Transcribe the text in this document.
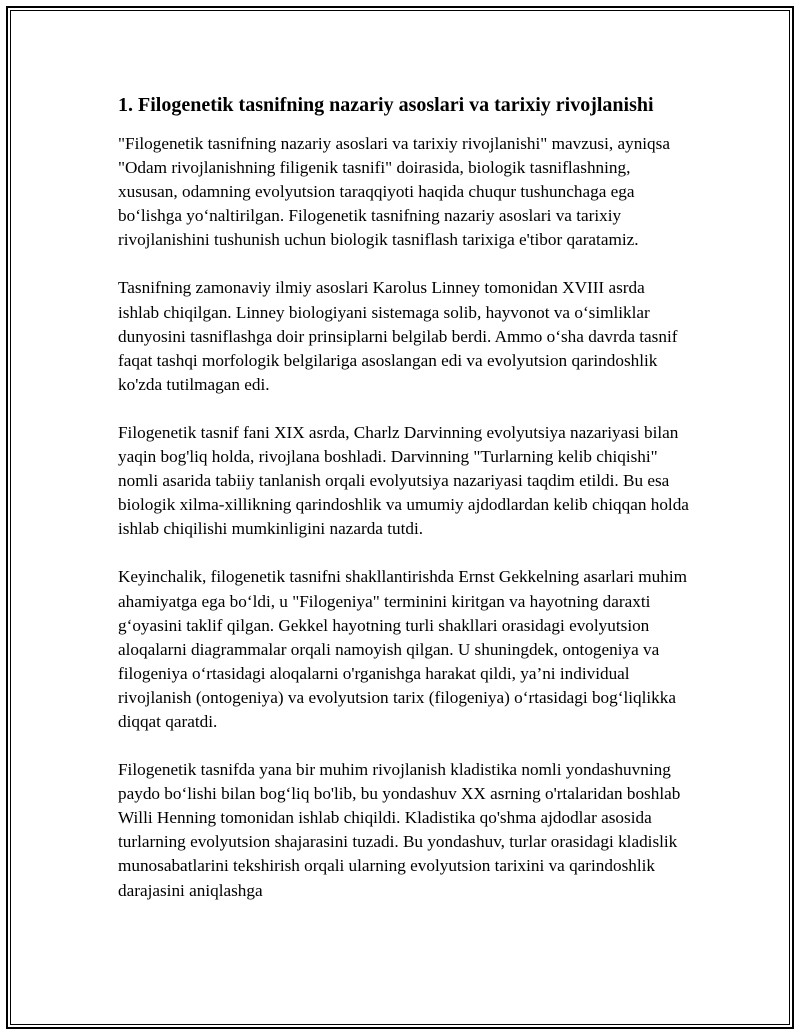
1. Filogenetik tasnifning nazariy asoslari va tarixiy rivojlanishi

"Filogenetik tasnifning nazariy asoslari va tarixiy rivojlanishi" mavzusi, ayniqsa "Odam rivojlanishning filigenik tasnifi" doirasida, biologik tasniflashning, xususan, odamning evolyutsion taraqqiyoti haqida chuqur tushunchaga ega bo‘lishga yo‘naltirilgan. Filogenetik tasnifning nazariy asoslari va tarixiy rivojlanishini tushunish uchun biologik tasniflash tarixiga e'tibor qaratamiz.

Tasnifning zamonaviy ilmiy asoslari Karolus Linney tomonidan XVIII asrda ishlab chiqilgan. Linney biologiyani sistemaga solib, hayvonot va o‘simliklar dunyosini tasniflashga doir prinsiplarni belgilab berdi. Ammo o‘sha davrda tasnif faqat tashqi morfologik belgilariga asoslangan edi va evolyutsion qarindoshlik ko'zda tutilmagan edi.

Filogenetik tasnif fani XIX asrda, Charlz Darvinning evolyutsiya nazariyasi bilan yaqin bog'liq holda, rivojlana boshladi. Darvinning "Turlarning kelib chiqishi" nomli asarida tabiiy tanlanish orqali evolyutsiya nazariyasi taqdim etildi. Bu esa biologik xilma-xillikning qarindoshlik va umumiy ajdodlardan kelib chiqqan holda ishlab chiqilishi mumkinligini nazarda tutdi.

Keyinchalik, filogenetik tasnifni shakllantirishda Ernst Gekkelning asarlari muhim ahamiyatga ega bo‘ldi, u "Filogeniya" terminini kiritgan va hayotning daraxti g‘oyasini taklif qilgan. Gekkel hayotning turli shakllari orasidagi evolyutsion aloqalarni diagrammalar orqali namoyish qilgan. U shuningdek, ontogeniya va filogeniya o‘rtasidagi aloqalarni o'rganishga harakat qildi, ya’ni individual rivojlanish (ontogeniya) va evolyutsion tarix (filogeniya) o‘rtasidagi bog‘liqlikka diqqat qaratdi.

Filogenetik tasnifda yana bir muhim rivojlanish kladistika nomli yondashuvning paydo bo‘lishi bilan bog‘liq bo'lib, bu yondashuv XX asrning o'rtalaridan boshlab Willi Henning tomonidan ishlab chiqildi. Kladistika qo'shma ajdodlar asosida turlarning evolyutsion shajarasini tuzadi. Bu yondashuv, turlar orasidagi kladislik munosabatlarini tekshirish orqali ularning evolyutsion tarixini va qarindoshlik darajasini aniqlashga
